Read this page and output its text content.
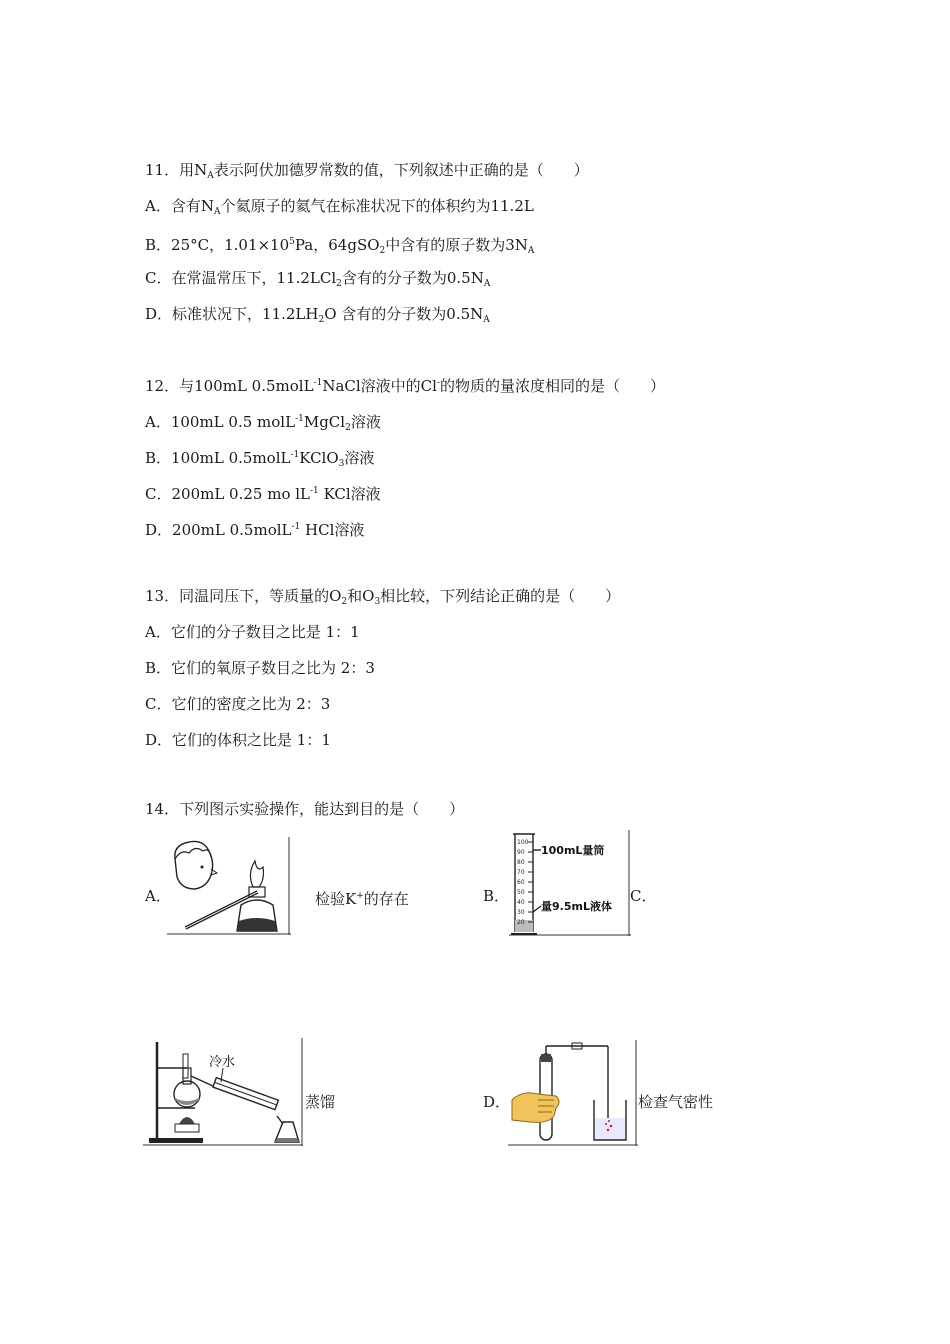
11．用$N_A$表示阿伏加德罗常数的值，下列叙述中正确的是（　　）
A．含有$N_A$个氦原子的氦气在标准状况下的体积约为11.2L
B．25°C，$1.01\times 10^5Pa$，64gSO$_2$中含有的原子数为$3N_A$
C．在常温常压下，11.2LCl$_2$含有的分子数为$0.5N_A$
D．标准状况下，$11.2LH_2O$ 含有的分子数为$0.5N_A$
12．与100mL 0.5molL$^{-1}$NaCl溶液中的Cl-的物质的量浓度相同的是（　　）
A．100mL 0.5 molL$^{-1}$MgCl$_2$溶液
B．100mL 0.5molL$^{-1}$KClO$_3$溶液
C．200mL 0.25 mo $lL^{-1}$ KCl溶液
D．200mL 0.5molL$^{-1}$ HCl溶液
13．同温同压下，等质量的$O_2$和$O_3$相比较，下列结论正确的是（　　）
A．它们的分子数目之比是 1：1
B．它们的氧原子数目之比为 2：3
C．它们的密度之比为 2：3
D．它们的体积之比是 1：1
14．下列图示实验操作，能达到目的是（　　）
A．	检验K+的存在	B．
100
90
80
70
60
50
40
30
20
100mL量筒
量9.5mL液体
C．
冷水
蒸馏	D．	检查气密性
